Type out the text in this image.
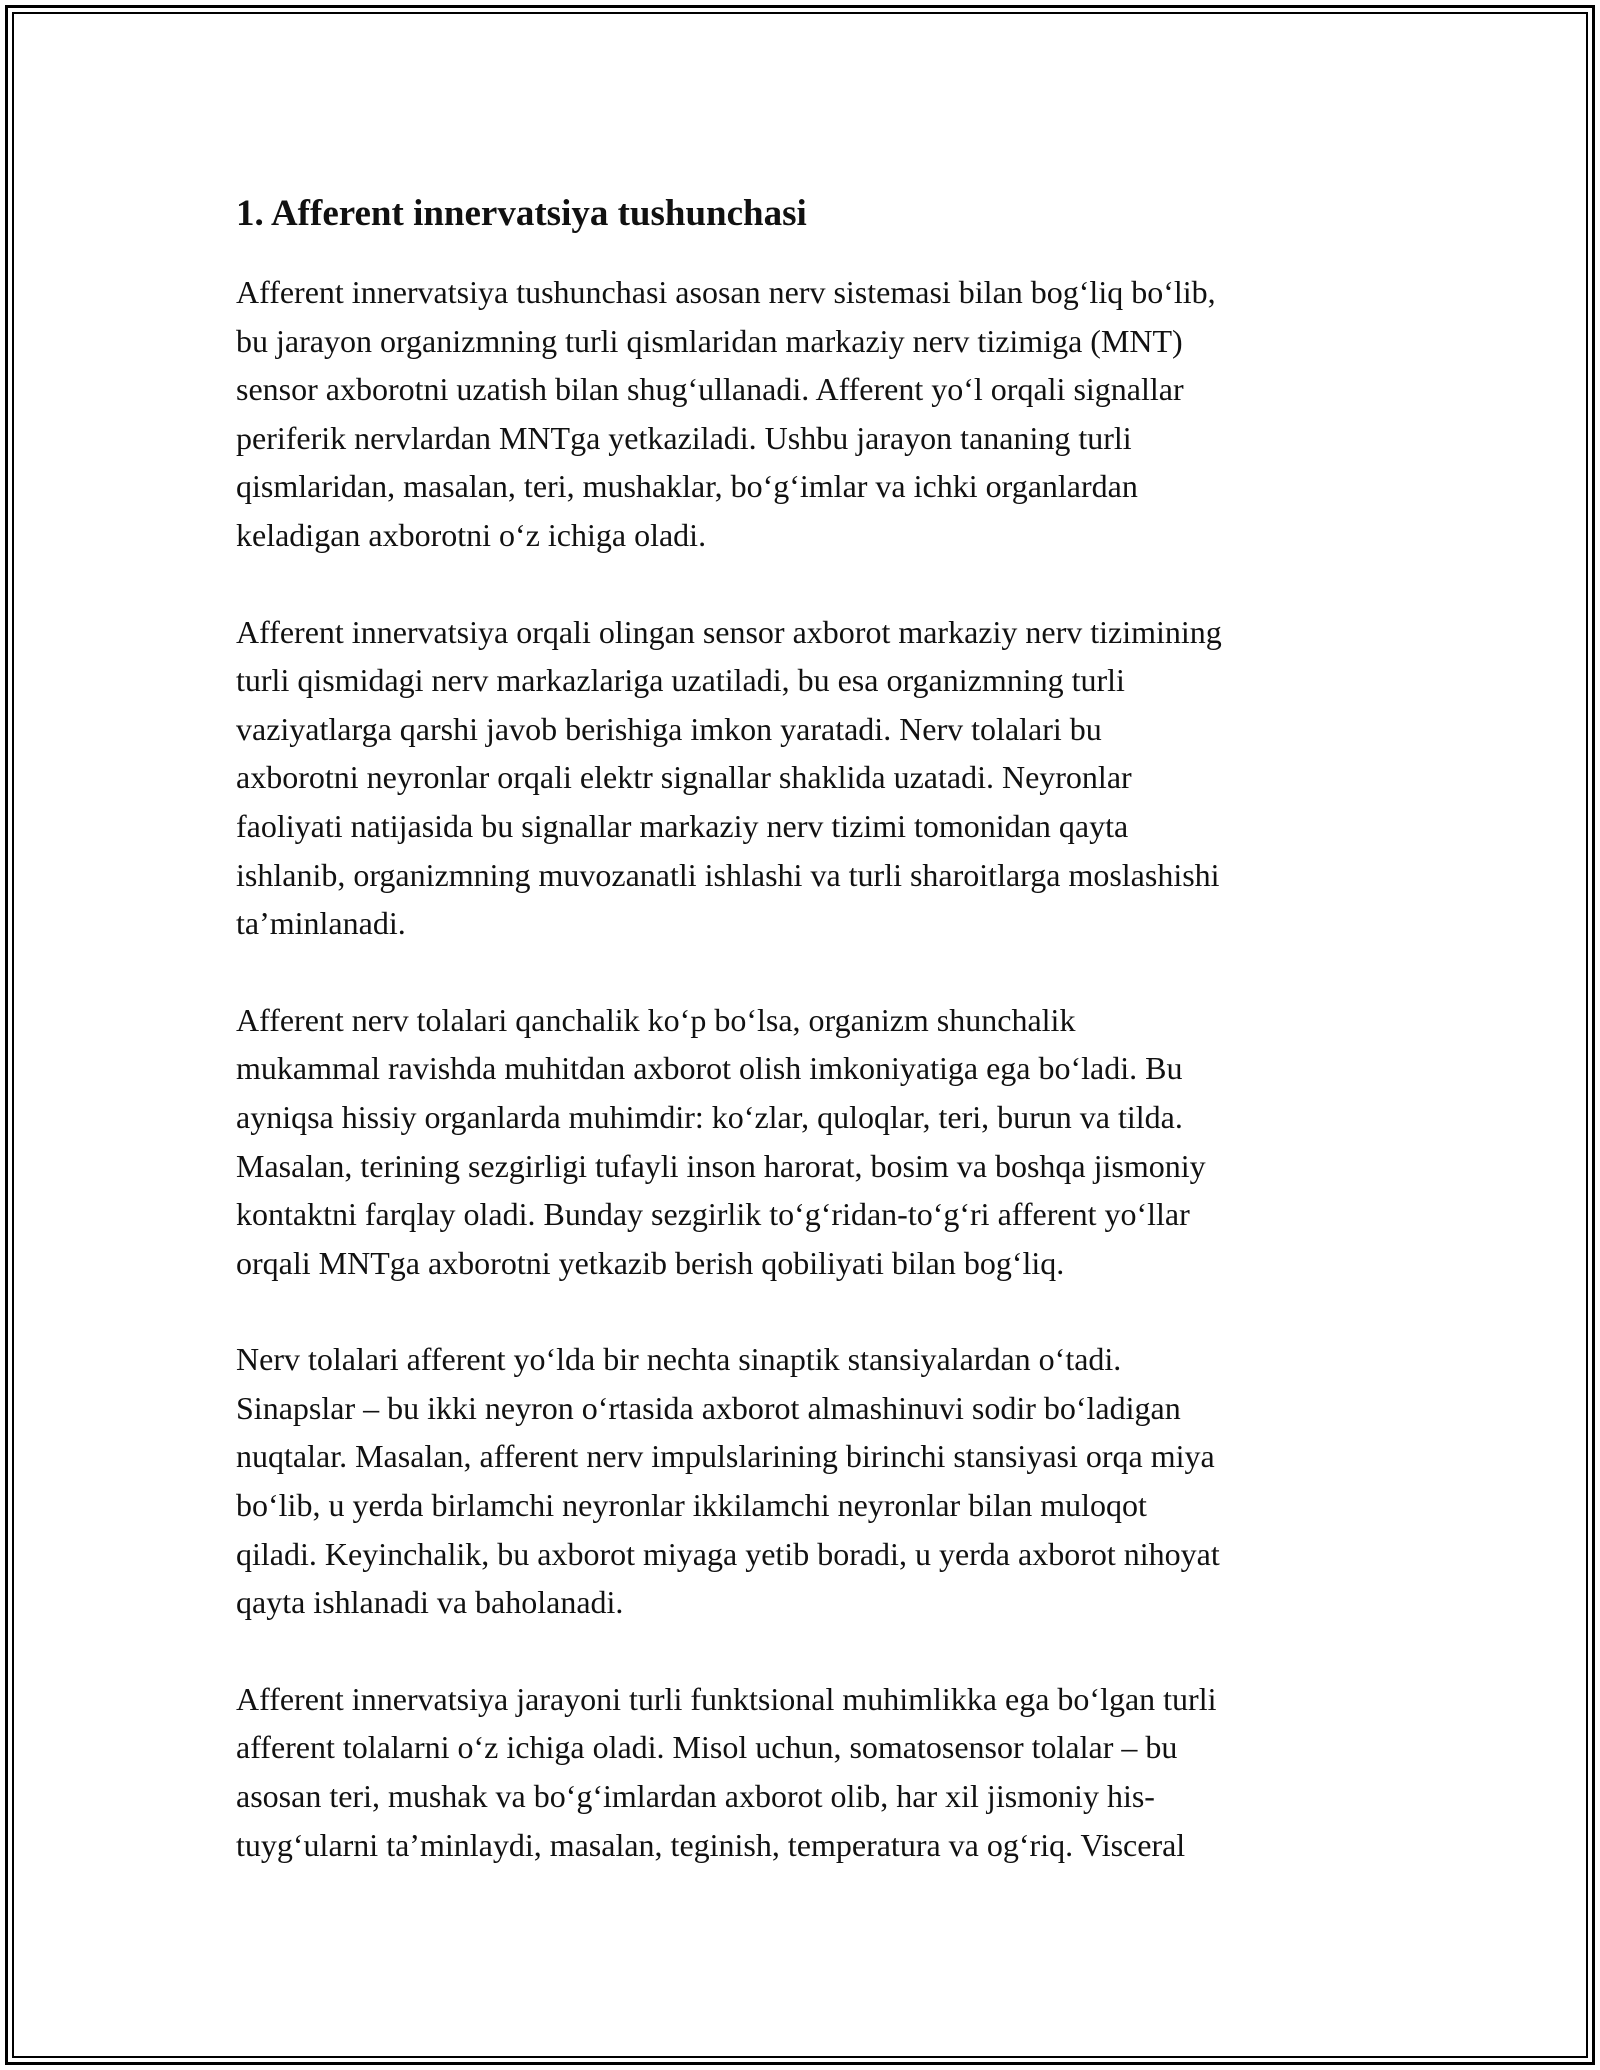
1. Afferent innervatsiya tushunchasi

Afferent innervatsiya tushunchasi asosan nerv sistemasi bilan bog‘liq bo‘lib,
bu jarayon organizmning turli qismlaridan markaziy nerv tizimiga (MNT)
sensor axborotni uzatish bilan shug‘ullanadi. Afferent yo‘l orqali signallar
periferik nervlardan MNTga yetkaziladi. Ushbu jarayon tananing turli
qismlaridan, masalan, teri, mushaklar, bo‘g‘imlar va ichki organlardan
keladigan axborotni o‘z ichiga oladi.

Afferent innervatsiya orqali olingan sensor axborot markaziy nerv tizimining
turli qismidagi nerv markazlariga uzatiladi, bu esa organizmning turli
vaziyatlarga qarshi javob berishiga imkon yaratadi. Nerv tolalari bu
axborotni neyronlar orqali elektr signallar shaklida uzatadi. Neyronlar
faoliyati natijasida bu signallar markaziy nerv tizimi tomonidan qayta
ishlanib, organizmning muvozanatli ishlashi va turli sharoitlarga moslashishi
ta’minlanadi.

Afferent nerv tolalari qanchalik ko‘p bo‘lsa, organizm shunchalik
mukammal ravishda muhitdan axborot olish imkoniyatiga ega bo‘ladi. Bu
ayniqsa hissiy organlarda muhimdir: ko‘zlar, quloqlar, teri, burun va tilda.
Masalan, terining sezgirligi tufayli inson harorat, bosim va boshqa jismoniy
kontaktni farqlay oladi. Bunday sezgirlik to‘g‘ridan-to‘g‘ri afferent yo‘llar
orqali MNTga axborotni yetkazib berish qobiliyati bilan bog‘liq.

Nerv tolalari afferent yo‘lda bir nechta sinaptik stansiyalardan o‘tadi.
Sinapslar – bu ikki neyron o‘rtasida axborot almashinuvi sodir bo‘ladigan
nuqtalar. Masalan, afferent nerv impulslarining birinchi stansiyasi orqa miya
bo‘lib, u yerda birlamchi neyronlar ikkilamchi neyronlar bilan muloqot
qiladi. Keyinchalik, bu axborot miyaga yetib boradi, u yerda axborot nihoyat
qayta ishlanadi va baholanadi.

Afferent innervatsiya jarayoni turli funktsional muhimlikka ega bo‘lgan turli
afferent tolalarni o‘z ichiga oladi. Misol uchun, somatosensor tolalar – bu
asosan teri, mushak va bo‘g‘imlardan axborot olib, har xil jismoniy his-
tuyg‘ularni ta’minlaydi, masalan, teginish, temperatura va og‘riq. Visceral
